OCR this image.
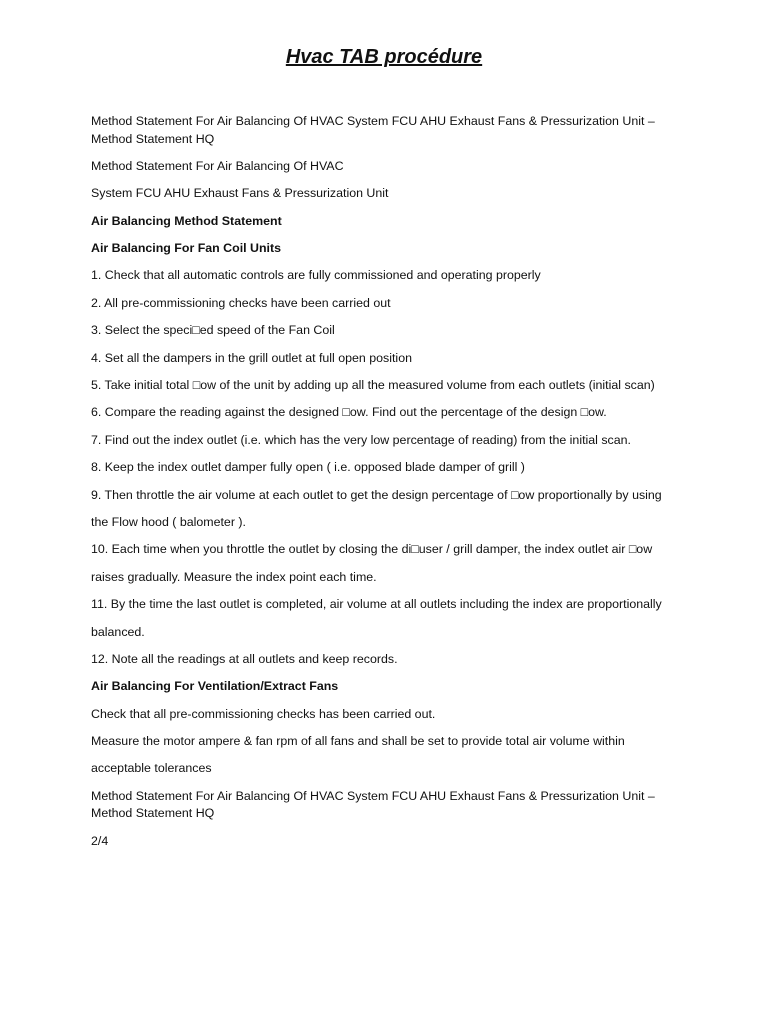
Hvac TAB procédure

Method Statement For Air Balancing Of HVAC System FCU AHU Exhaust Fans & Pressurization Unit – Method Statement HQ

Method Statement For Air Balancing Of HVAC

System FCU AHU Exhaust Fans & Pressurization Unit

Air Balancing Method Statement

Air Balancing For Fan Coil Units

1. Check that all automatic controls are fully commissioned and operating properly

2. All pre-commissioning checks have been carried out

3. Select the speci□ed speed of the Fan Coil

4. Set all the dampers in the grill outlet at full open position

5. Take initial total □ow of the unit by adding up all the measured volume from each outlets (initial scan)

6. Compare the reading against the designed □ow. Find out the percentage of the design □ow.

7. Find out the index outlet (i.e. which has the very low percentage of reading) from the initial scan.

8. Keep the index outlet damper fully open ( i.e. opposed blade damper of grill )

9. Then throttle the air volume at each outlet to get the design percentage of □ow proportionally by using

the Flow hood ( balometer ).

10. Each time when you throttle the outlet by closing the di□user / grill damper, the index outlet air □ow

raises gradually. Measure the index point each time.

11. By the time the last outlet is completed, air volume at all outlets including the index are proportionally

balanced.

12. Note all the readings at all outlets and keep records.

Air Balancing For Ventilation/Extract Fans

Check that all pre-commissioning checks has been carried out.

Measure the motor ampere & fan rpm of all fans and shall be set to provide total air volume within

acceptable tolerances

Method Statement For Air Balancing Of HVAC System FCU AHU Exhaust Fans & Pressurization Unit – Method Statement HQ

2/4
